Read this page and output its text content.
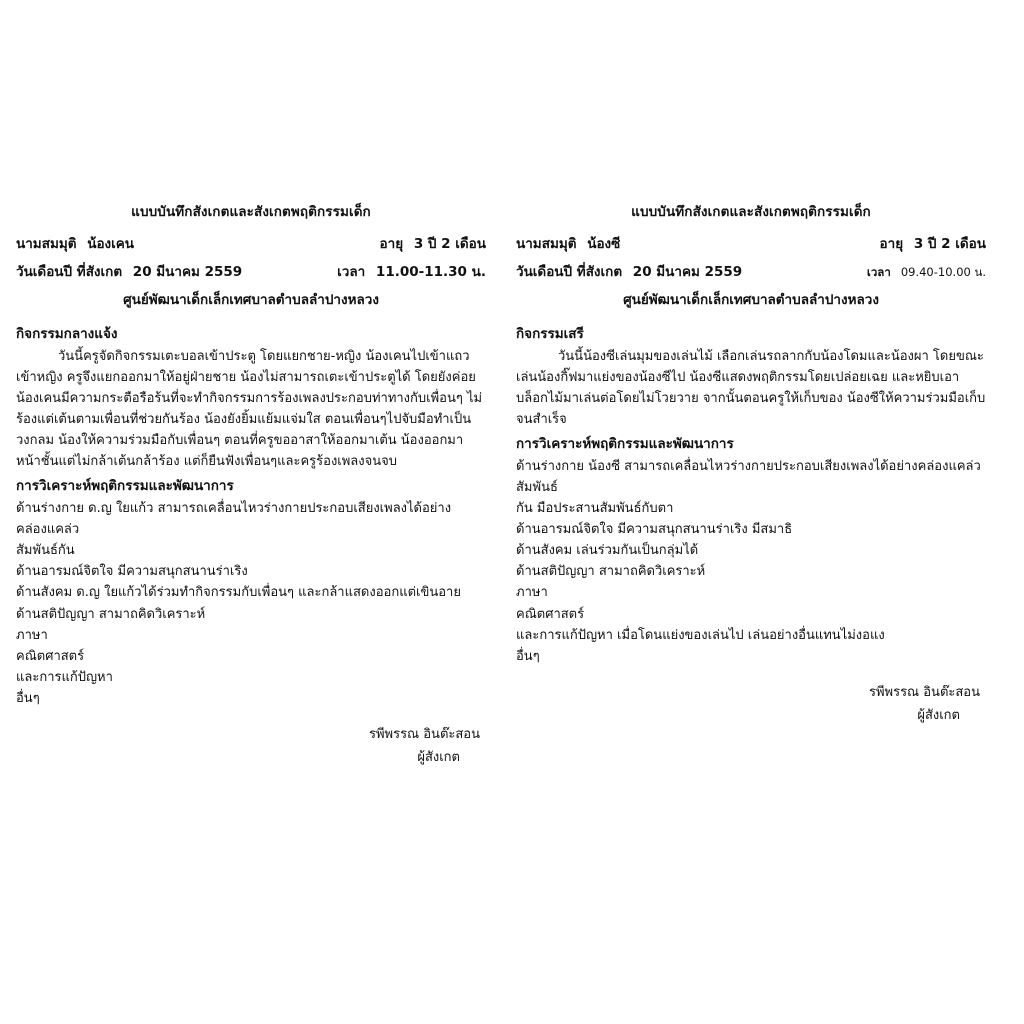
แบบบันทึกสังเกตและสังเกตพฤติกรรมเด็ก
นามสมมุติ น้องเคน	อายุ 3 ปี 2 เดือน
วันเดือนปี ที่สังเกต 20 มีนาคม 2559	เวลา 11.00-11.30 น.
ศูนย์พัฒนาเด็กเล็กเทศบาลตำบลลำปางหลวง
กิจกรรมกลางแจ้ง

วันนี้ครูจัดกิจกรรมเตะบอลเข้าประตู โดยแยกชาย-หญิง น้องเคนไปเข้าแถวเข้าหญิง ครูจึงแยกออกมาให้อยู่ฝ่ายชาย น้องไม่สามารถเตะเข้าประตูได้ โดยยังค่อยน้องเคนมีความกระตือรือร้นที่จะทำกิจกรรมการร้องเพลงประกอบท่าทางกับเพื่อนๆ ไม่ร้องแต่เต้นตามเพื่อนที่ช่วยกันร้อง น้องยังยิ้มแย้มแจ่มใส ตอนเพื่อนๆไปจับมือทำเป็นวงกลม น้องให้ความร่วมมือกับเพื่อนๆ ตอนที่ครูขออาสาให้ออกมาเต้น น้องออกมาหน้าชั้นแต่ไม่กล้าเต้นกล้าร้อง แต่ก็ยืนฟังเพื่อนๆและครูร้องเพลงจนจบ

การวิเคราะห์พฤติกรรมและพัฒนาการ

ด้านร่างกาย ด.ญ ใยแก้ว สามารถเคลื่อนไหวร่างกายประกอบเสียงเพลงได้อย่างคล่องแคล่ว

สัมพันธ์กัน

ด้านอารมณ์จิตใจ มีความสนุกสนานร่าเริง

ด้านสังคม ด.ญ ใยแก้วได้ร่วมทำกิจกรรมกับเพื่อนๆ และกล้าแสดงออกแต่เขินอาย

ด้านสติปัญญา สามาถคิดวิเคราะห์

ภาษา

คณิตศาสตร์

และการแก้ปัญหา

อื่นๆ

รพีพรรณ อินต๊ะสอน
ผู้สังเกต
แบบบันทึกสังเกตและสังเกตพฤติกรรมเด็ก
นามสมมุติ น้องซี	อายุ 3 ปี 2 เดือน
วันเดือนปี ที่สังเกต 20 มีนาคม 2559	เวลา 09.40-10.00 น.
ศูนย์พัฒนาเด็กเล็กเทศบาลตำบลลำปางหลวง
กิจกรรมเสรี

วันนี้น้องซีเล่นมุมของเล่นไม้ เลือกเล่นรถลากกับน้องโดมและน้องผา โดยขณะเล่นน้องกิ๊ฟมาแย่งของน้องซีไป น้องซีแสดงพฤติกรรมโดยเปล่อยเฉย และหยิบเอาบล็อกไม้มาเล่นต่อโดยไม่โวยวาย จากนั้นตอนครูให้เก็บของ น้องซีให้ความร่วมมือเก็บจนสำเร็จ

การวิเคราะห์พฤติกรรมและพัฒนาการ

ด้านร่างกาย น้องซี สามารถเคลื่อนไหวร่างกายประกอบเสียงเพลงได้อย่างคล่องแคล่ว สัมพันธ์

กัน มือประสานสัมพันธ์กับตา

ด้านอารมณ์จิตใจ มีความสนุกสนานร่าเริง มีสมาธิ

ด้านสังคม เล่นร่วมกันเป็นกลุ่มได้

ด้านสติปัญญา สามาถคิดวิเคราะห์

ภาษา

คณิตศาสตร์

และการแก้ปัญหา เมื่อโดนแย่งของเล่นไป เล่นอย่างอื่นแทนไม่งอแง

อื่นๆ

รพีพรรณ อินต๊ะสอน
ผู้สังเกต
